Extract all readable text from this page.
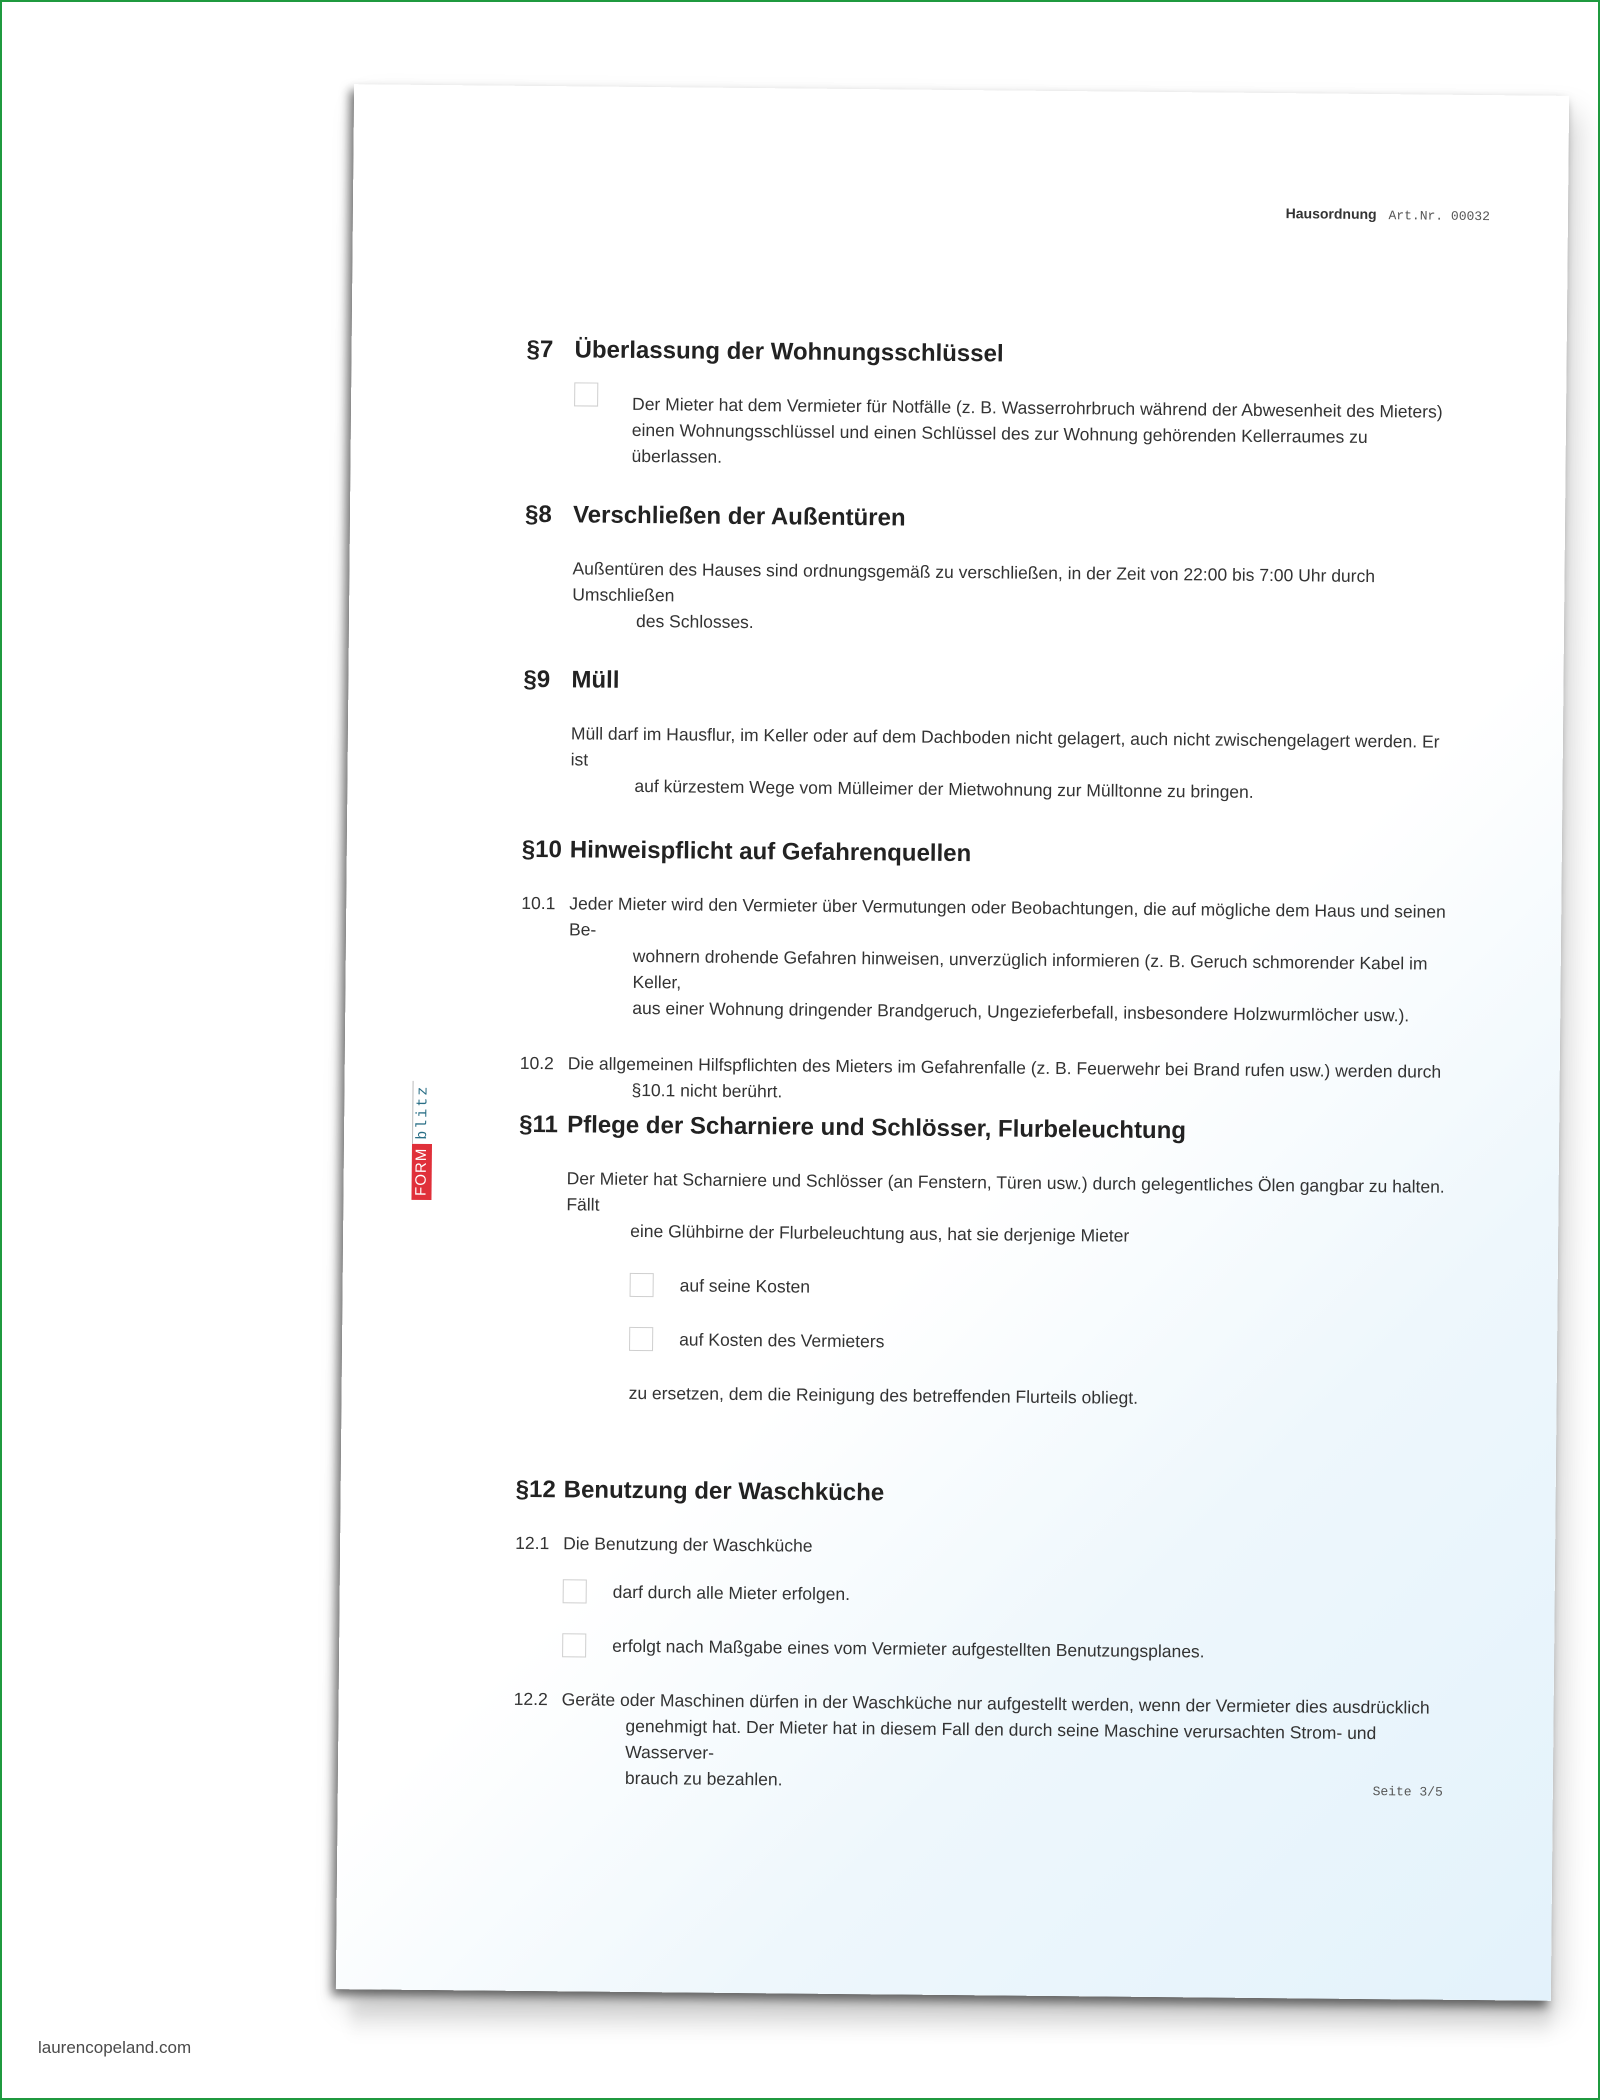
Hausordnung Art.Nr. 00032
FORM
blitz
§7 Überlassung der Wohnungsschlüssel
Der Mieter hat dem Vermieter für Notfälle (z. B. Wasserrohrbruch während der Abwesenheit des Mieters)
einen Wohnungsschlüssel und einen Schlüssel des zur Wohnung gehörenden Kellerraumes zu überlassen.
§8 Verschließen der Außentüren
Außentüren des Hauses sind ordnungsgemäß zu verschließen, in der Zeit von 22:00 bis 7:00 Uhr durch Umschließen
des Schlosses.
§9 Müll
Müll darf im Hausflur, im Keller oder auf dem Dachboden nicht gelagert, auch nicht zwischengelagert werden. Er ist
auf kürzestem Wege vom Mülleimer der Mietwohnung zur Mülltonne zu bringen.
§10 Hinweispflicht auf Gefahrenquellen
10.1 Jeder Mieter wird den Vermieter über Vermutungen oder Beobachtungen, die auf mögliche dem Haus und seinen Be-
wohnern drohende Gefahren hinweisen, unverzüglich informieren (z. B. Geruch schmorender Kabel im Keller,
aus einer Wohnung dringender Brandgeruch, Ungezieferbefall, insbesondere Holzwurmlöcher usw.).
10.2 Die allgemeinen Hilfspflichten des Mieters im Gefahrenfalle (z. B. Feuerwehr bei Brand rufen usw.) werden durch
§10.1 nicht berührt.
§11 Pflege der Scharniere und Schlösser, Flurbeleuchtung
Der Mieter hat Scharniere und Schlösser (an Fenstern, Türen usw.) durch gelegentliches Ölen gangbar zu halten. Fällt
eine Glühbirne der Flurbeleuchtung aus, hat sie derjenige Mieter
auf seine Kosten
auf Kosten des Vermieters
zu ersetzen, dem die Reinigung des betreffenden Flurteils obliegt.
§12 Benutzung der Waschküche
12.1 Die Benutzung der Waschküche
darf durch alle Mieter erfolgen.
erfolgt nach Maßgabe eines vom Vermieter aufgestellten Benutzungsplanes.
12.2 Geräte oder Maschinen dürfen in der Waschküche nur aufgestellt werden, wenn der Vermieter dies ausdrücklich
genehmigt hat. Der Mieter hat in diesem Fall den durch seine Maschine verursachten Strom- und Wasserver-
brauch zu bezahlen.
Seite 3/5
laurencopeland.com
